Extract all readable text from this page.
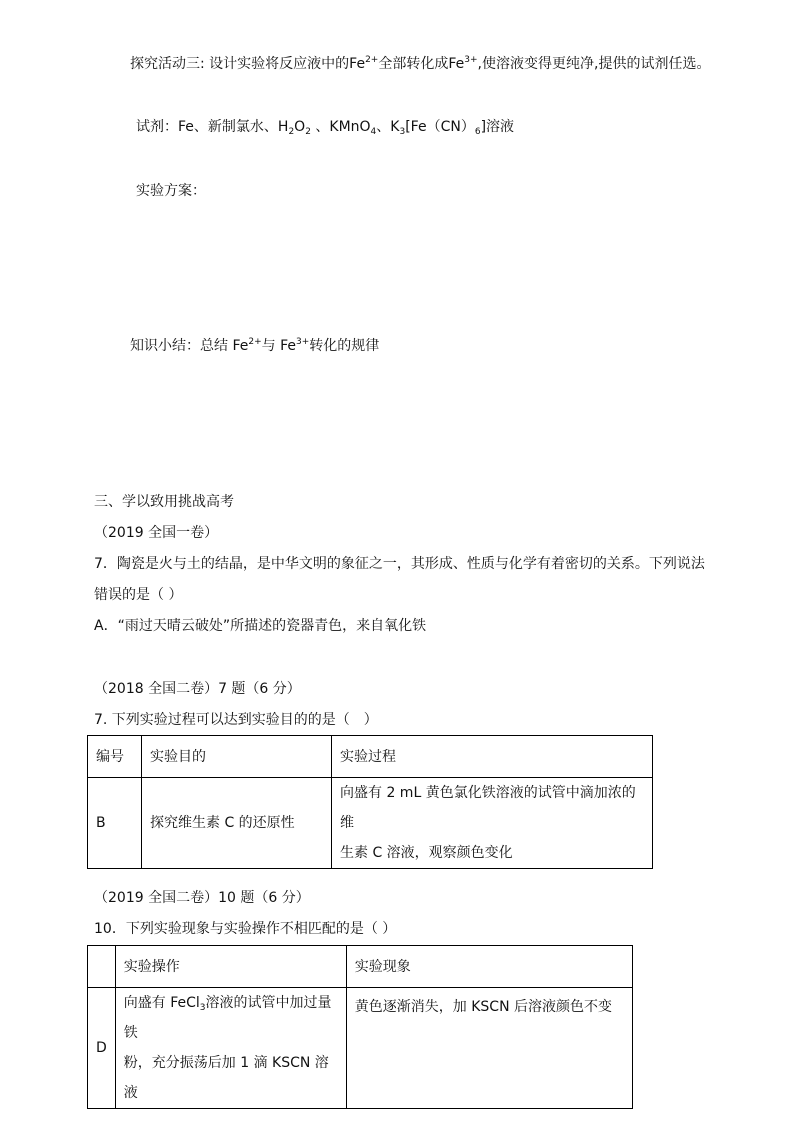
探究活动三: 设计实验将反应液中的$Fe^{2+}$全部转化成$Fe^{3+}$,使溶液变得更纯净,提供的试剂任选。
试剂：Fe、新制氯水、$H_2O_2$ 、KMnO$_4$、$K_3[Fe(CN)_6]$溶液
实验方案：
知识小结：总结 $Fe^{2+}$与 $Fe^{3+}$转化的规律
三、学以致用挑战高考
（2019 全国一卷）
7．陶瓷是火与土的结晶，是中华文明的象征之一，其形成、性质与化学有着密切的关系。下列说法
错误的是（ ）
A．“雨过天晴云破处”所描述的瓷器青色，来自氧化铁
（2018 全国二卷）7 题（6 分）
7. 下列实验过程可以达到实验目的的是（　）
编号	实验目的	实验过程
B	探究维生素 C 的还原性	向盛有 2 mL 黄色氯化铁溶液的试管中滴加浓的维
生素 C 溶液，观察颜色变化
（2019 全国二卷）10 题（6 分）
10．下列实验现象与实验操作不相匹配的是（ ）
	实验操作	实验现象
D	向盛有 FeCl$_3$溶液的试管中加过量铁
粉，充分振荡后加 1 滴 KSCN 溶液	黄色逐渐消失，加 KSCN 后溶液颜色不变
